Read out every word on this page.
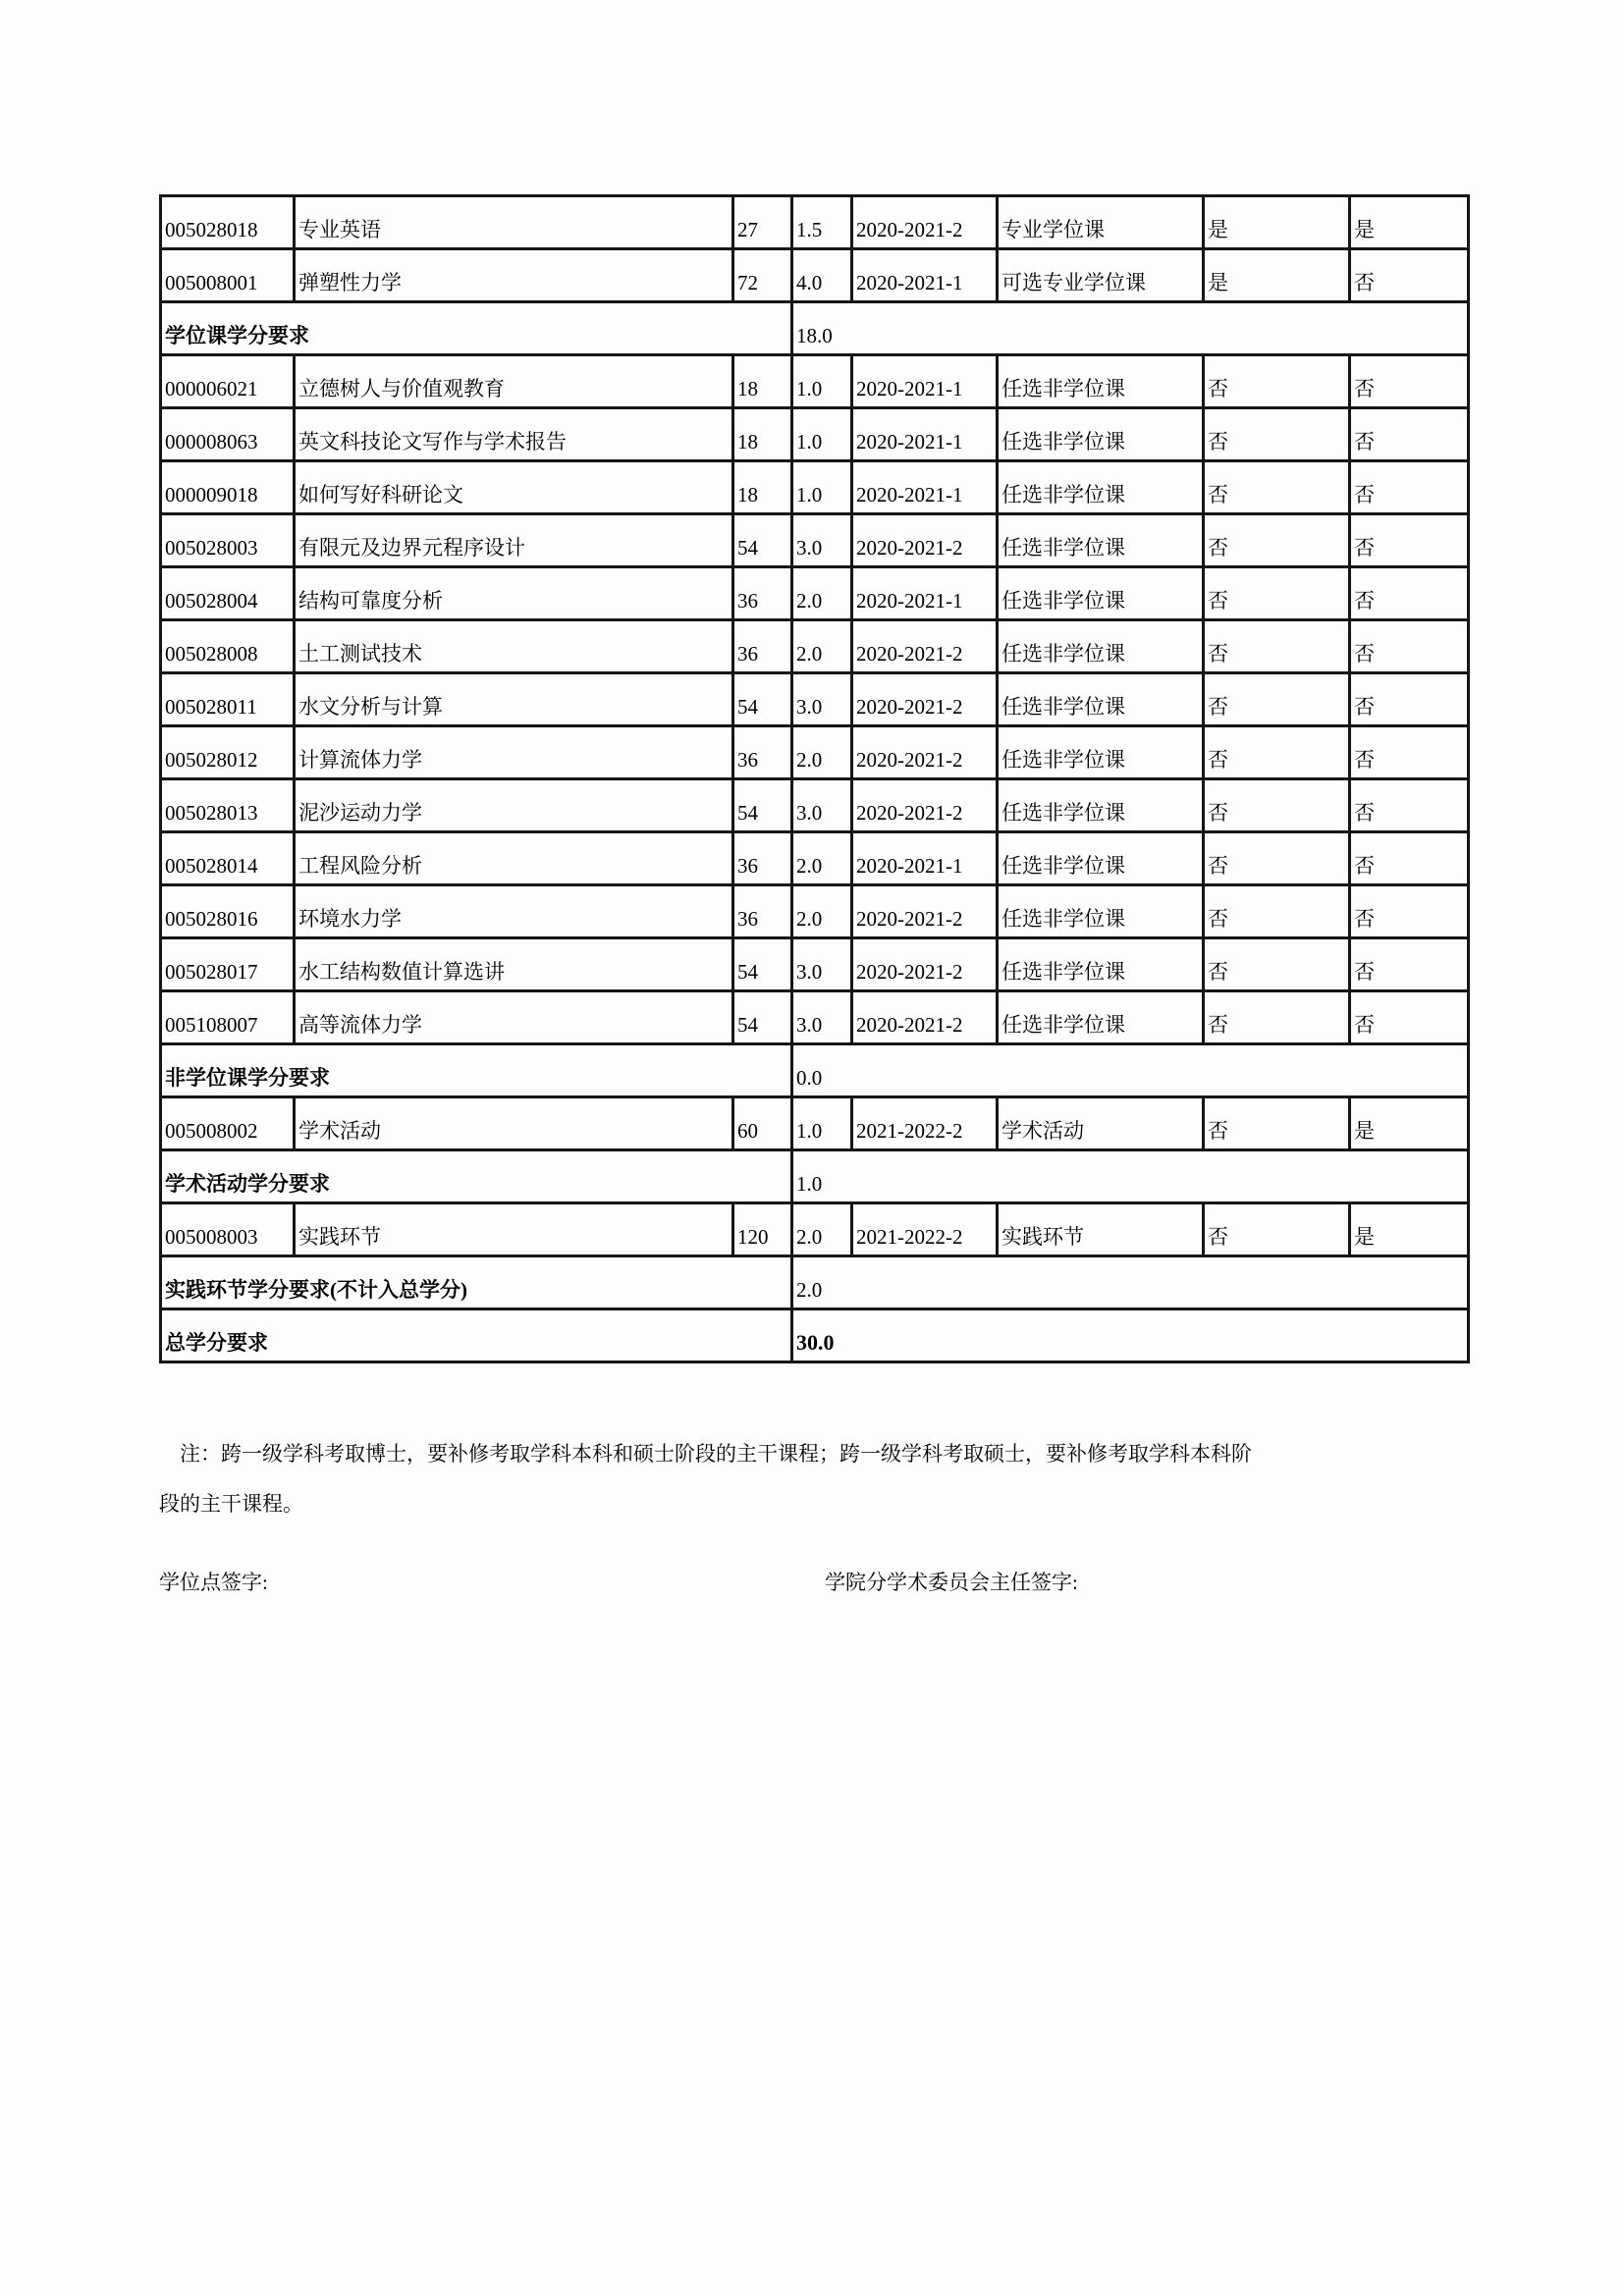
005028018	专业英语	27	1.5	2020-2021-2	专业学位课	是	是
005008001	弹塑性力学	72	4.0	2020-2021-1	可选专业学位课	是	否
学位课学分要求			18.0				
000006021	立德树人与价值观教育	18	1.0	2020-2021-1	任选非学位课	否	否
000008063	英文科技论文写作与学术报告	18	1.0	2020-2021-1	任选非学位课	否	否
000009018	如何写好科研论文	18	1.0	2020-2021-1	任选非学位课	否	否
005028003	有限元及边界元程序设计	54	3.0	2020-2021-2	任选非学位课	否	否
005028004	结构可靠度分析	36	2.0	2020-2021-1	任选非学位课	否	否
005028008	土工测试技术	36	2.0	2020-2021-2	任选非学位课	否	否
005028011	水文分析与计算	54	3.0	2020-2021-2	任选非学位课	否	否
005028012	计算流体力学	36	2.0	2020-2021-2	任选非学位课	否	否
005028013	泥沙运动力学	54	3.0	2020-2021-2	任选非学位课	否	否
005028014	工程风险分析	36	2.0	2020-2021-1	任选非学位课	否	否
005028016	环境水力学	36	2.0	2020-2021-2	任选非学位课	否	否
005028017	水工结构数值计算选讲	54	3.0	2020-2021-2	任选非学位课	否	否
005108007	高等流体力学	54	3.0	2020-2021-2	任选非学位课	否	否
非学位课学分要求			0.0				
005008002	学术活动	60	1.0	2021-2022-2	学术活动	否	是
学术活动学分要求			1.0				
005008003	实践环节	120	2.0	2021-2022-2	实践环节	否	是
实践环节学分要求(不计入总学分)			2.0				
总学分要求			30.0				
注：跨一级学科考取博士，要补修考取学科本科和硕士阶段的主干课程；跨一级学科考取硕士，要补修考取学科本科阶
段的主干课程。
学位点签字:	学院分学术委员会主任签字:
